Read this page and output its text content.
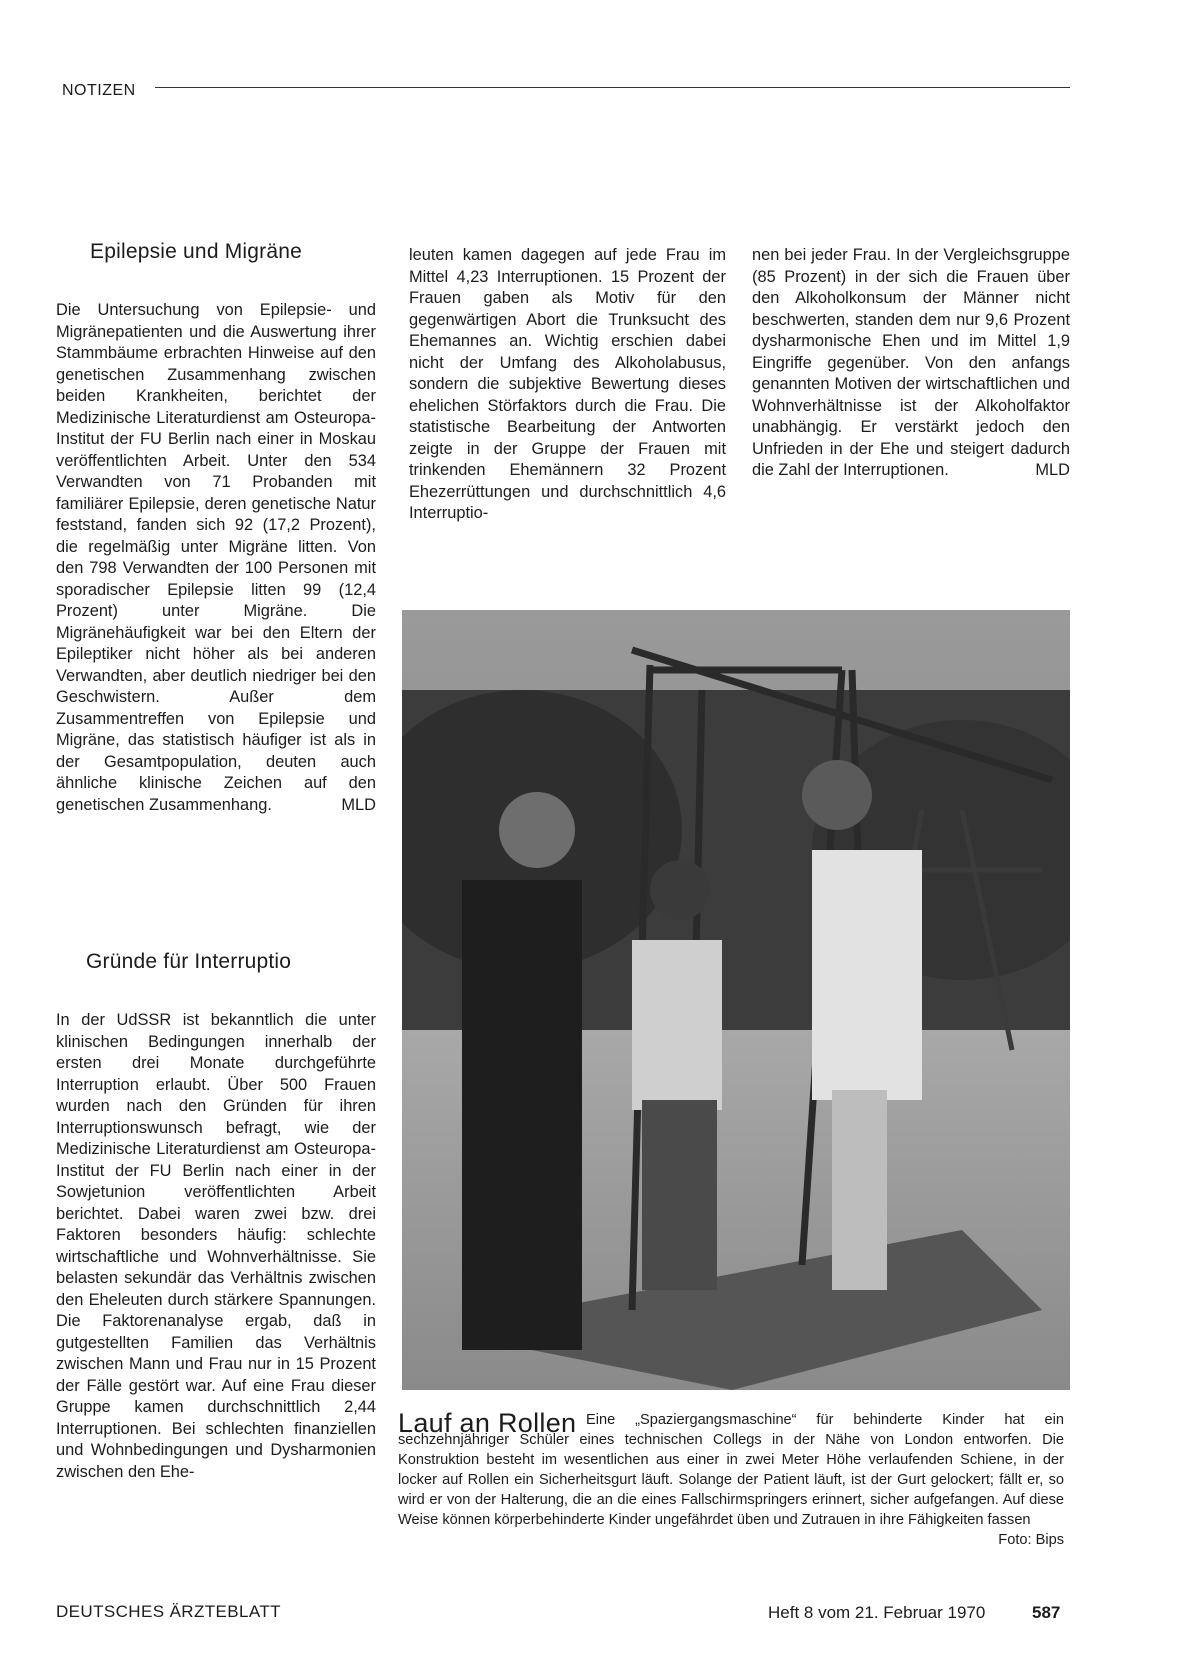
NOTIZEN
Epilepsie und Migräne

Die Untersuchung von Epilepsie- und Migränepatienten und die Auswertung ihrer Stammbäume erbrachten Hinweise auf den genetischen Zusammenhang zwischen beiden Krankheiten, berichtet der Medizinische Literaturdienst am Osteuropa-Institut der FU Berlin nach einer in Moskau veröffentlichten Arbeit. Unter den 534 Verwandten von 71 Probanden mit familiärer Epilepsie, deren genetische Natur feststand, fanden sich 92 (17,2 Prozent), die regelmäßig unter Migräne litten. Von den 798 Verwandten der 100 Personen mit sporadischer Epilepsie litten 99 (12,4 Prozent) unter Migräne. Die Migränehäufigkeit war bei den Eltern der Epileptiker nicht höher als bei anderen Verwandten, aber deutlich niedriger bei den Geschwistern. Außer dem Zusammentreffen von Epilepsie und Migräne, das statistisch häufiger ist als in der Gesamtpopulation, deuten auch ähnliche klinische Zeichen auf den genetischen Zusammenhang.	MLD

Gründe für Interruptio

In der UdSSR ist bekanntlich die unter klinischen Bedingungen innerhalb der ersten drei Monate durchgeführte Interruption erlaubt. Über 500 Frauen wurden nach den Gründen für ihren Interruptionswunsch befragt, wie der Medizinische Literaturdienst am Osteuropa-Institut der FU Berlin nach einer in der Sowjetunion veröffentlichten Arbeit berichtet. Dabei waren zwei bzw. drei Faktoren besonders häufig: schlechte wirtschaftliche und Wohnverhältnisse. Sie belasten sekundär das Verhältnis zwischen den Eheleuten durch stärkere Spannungen. Die Faktorenanalyse ergab, daß in gutgestellten Familien das Verhältnis zwischen Mann und Frau nur in 15 Prozent der Fälle gestört war. Auf eine Frau dieser Gruppe kamen durchschnittlich 2,44 Interruptionen. Bei schlechten finanziellen und Wohnbedingungen und Dysharmonien zwischen den Ehe-

leuten kamen dagegen auf jede Frau im Mittel 4,23 Interruptionen. 15 Prozent der Frauen gaben als Motiv für den gegenwärtigen Abort die Trunksucht des Ehemannes an. Wichtig erschien dabei nicht der Umfang des Alkoholabusus, sondern die subjektive Bewertung dieses ehelichen Störfaktors durch die Frau. Die statistische Bearbeitung der Antworten zeigte in der Gruppe der Frauen mit trinkenden Ehemännern 32 Prozent Ehezerrüttungen und durchschnittlich 4,6 Interruptio-

nen bei jeder Frau. In der Vergleichsgruppe (85 Prozent) in der sich die Frauen über den Alkoholkonsum der Männer nicht beschwerten, standen dem nur 9,6 Prozent dysharmonische Ehen und im Mittel 1,9 Eingriffe gegenüber. Von den anfangs genannten Motiven der wirtschaftlichen und Wohnverhältnisse ist der Alkoholfaktor unabhängig. Er verstärkt jedoch den Unfrieden in der Ehe und steigert dadurch die Zahl der Interruptionen.	MLD

Lauf an Rollen Eine „Spaziergangsmaschine“ für behinderte Kinder hat ein sechzehnjähriger Schüler eines technischen Collegs in der Nähe von London entworfen. Die Konstruktion besteht im wesentlichen aus einer in zwei Meter Höhe verlaufenden Schiene, in der locker auf Rollen ein Sicherheitsgurt läuft. Solange der Patient läuft, ist der Gurt gelockert; fällt er, so wird er von der Halterung, die an die eines Fallschirmspringers erinnert, sicher aufgefangen. Auf diese Weise können körperbehinderte Kinder ungefährdet üben und Zutrauen in ihre Fähigkeiten fassen
Foto: Bips
DEUTSCHES ÄRZTEBLATT	Heft 8 vom 21. Februar 1970	587
